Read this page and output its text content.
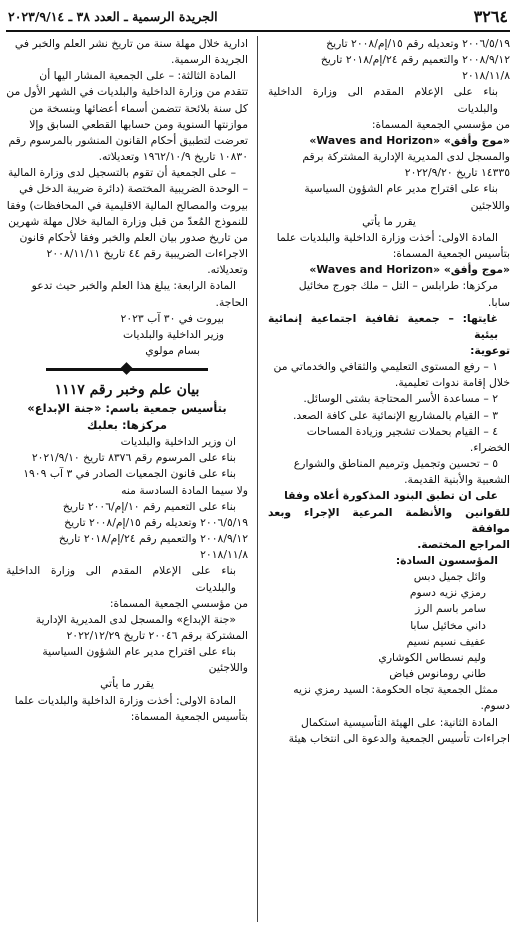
٣٢٦٤
الجريدة الرسمية ـ العدد ٣٨ ـ ٢٠٢٣/٩/١٤

٢٠٠٦/٥/١٩ وتعديله رقم ١٥/إم/٢٠٠٨ تاريخ

٢٠٠٨/٩/١٢ والتعميم رقم ٢٤/إم/٢٠١٨ تاريخ

٢٠١٨/١١/٨

بناء على الإعلام المقدم الى وزارة الداخلية والبلديات

من مؤسسي الجمعية المسماة:

«موج وأفق» «Waves and Horizon»

والمسجل لدى المديرية الإدارية المشتركة برقم

١٤٣٣٥ تاريخ ٢٠٢٢/٩/٢٠

بناء على اقتراح مدير عام الشؤون السياسية

واللاجئين

يقرر ما يأتي

المادة الاولى: أخذت وزارة الداخلية والبلديات علما

بتأسيس الجمعية المسماة:

«موج وأفق» «Waves and Horizon»

مركزها: طرابلس – التل – ملك جورج مخائيل

سابا.

غايتها: – جمعية ثقافية اجتماعية إنمائية بيئية

توعوية:

١ – رفع المستوى التعليمي والثقافي والخدماتي من

خلال إقامة ندوات تعليمية.

٢ – مساعدة الأسر المحتاجة بشتى الوسائل.

٣ – القيام بالمشاريع الإنمائية على كافة الصعد.

٤ – القيام بحملات تشجير وزيادة المساحات

الخضراء.

٥ – تحسين وتجميل وترميم المناطق والشوارع

الشعبية والأبنية القديمة.

على ان تطبق البنود المذكورة أعلاه وفقا

للقوانين والأنظمة المرعية الإجراء وبعد موافقة

المراجع المختصة.

المؤسسون السادة:

وائل جميل دبس

رمزي نزيه دسوم

سامر باسم الرز

داني مخائيل سابا

عفيف نسيم نسيم

وليم نسطاس الكوشاري

طاني رومانوس فياض

ممثل الجمعية تجاه الحكومة: السيد رمزي نزيه

دسوم.

المادة الثانية: على الهيئة التأسيسية استكمال

اجراءات تأسيس الجمعية والدعوة الى انتخاب هيئة

ادارية خلال مهلة سنة من تاريخ نشر العلم والخبر في

الجريدة الرسمية.

المادة الثالثة: – على الجمعية المشار اليها أن

تتقدم من وزارة الداخلية والبلديات في الشهر الأول من

كل سنة بلائحة تتضمن أسماء أعضائها وبنسخة من

موازنتها السنوية ومن حسابها القطعي السابق وإلا

تعرضت لتطبيق أحكام القانون المنشور بالمرسوم رقم

١٠٨٣٠ تاريخ ١٩٦٢/١٠/٩ وتعديلاته.

– على الجمعية أن تقوم بالتسجيل لدى وزارة المالية

– الوحدة الضريبية المختصة (دائرة ضريبة الدخل في

بيروت والمصالح المالية الاقليمية في المحافظات) وفقا

للنموذج المُعدّ من قبل وزارة المالية خلال مهلة شهرين

من تاريخ صدور بيان العلم والخبر وفقا لأحكام قانون

الاجراءات الضريبية رقم ٤٤ تاريخ ٢٠٠٨/١١/١١

وتعديلاته.

المادة الرابعة: يبلغ هذا العلم والخبر حيث تدعو

الحاجة.

بيروت في ٣٠ آب ٢٠٢٣

وزير الداخلية والبلديات

بسام مولوي

بيان علم وخبر رقم ١١١٧

بتأسيس جمعية باسم: «جنة الإبداع»

مركزها: بعلبك

ان وزير الداخلية والبلديات

بناء على المرسوم رقم ٨٣٧٦ تاريخ ٢٠٢١/٩/١٠

بناء على قانون الجمعيات الصادر في ٣ آب ١٩٠٩

ولا سيما المادة السادسة منه

بناء على التعميم رقم ١٠/إم/٢٠٠٦ تاريخ

٢٠٠٦/٥/١٩ وتعديله رقم ١٥/إم/٢٠٠٨ تاريخ

٢٠٠٨/٩/١٢ والتعميم رقم ٢٤/إم/٢٠١٨ تاريخ

٢٠١٨/١١/٨

بناء على الإعلام المقدم الى وزارة الداخلية والبلديات

من مؤسسي الجمعية المسماة:

«جنة الإبداع» والمسجل لدى المديرية الإدارية

المشتركة برقم ٢٠٠٤٦ تاريخ ٢٠٢٢/١٢/٢٩

بناء على اقتراح مدير عام الشؤون السياسية

واللاجئين

يقرر ما يأتي

المادة الاولى: أخذت وزارة الداخلية والبلديات علما

بتأسيس الجمعية المسماة:
